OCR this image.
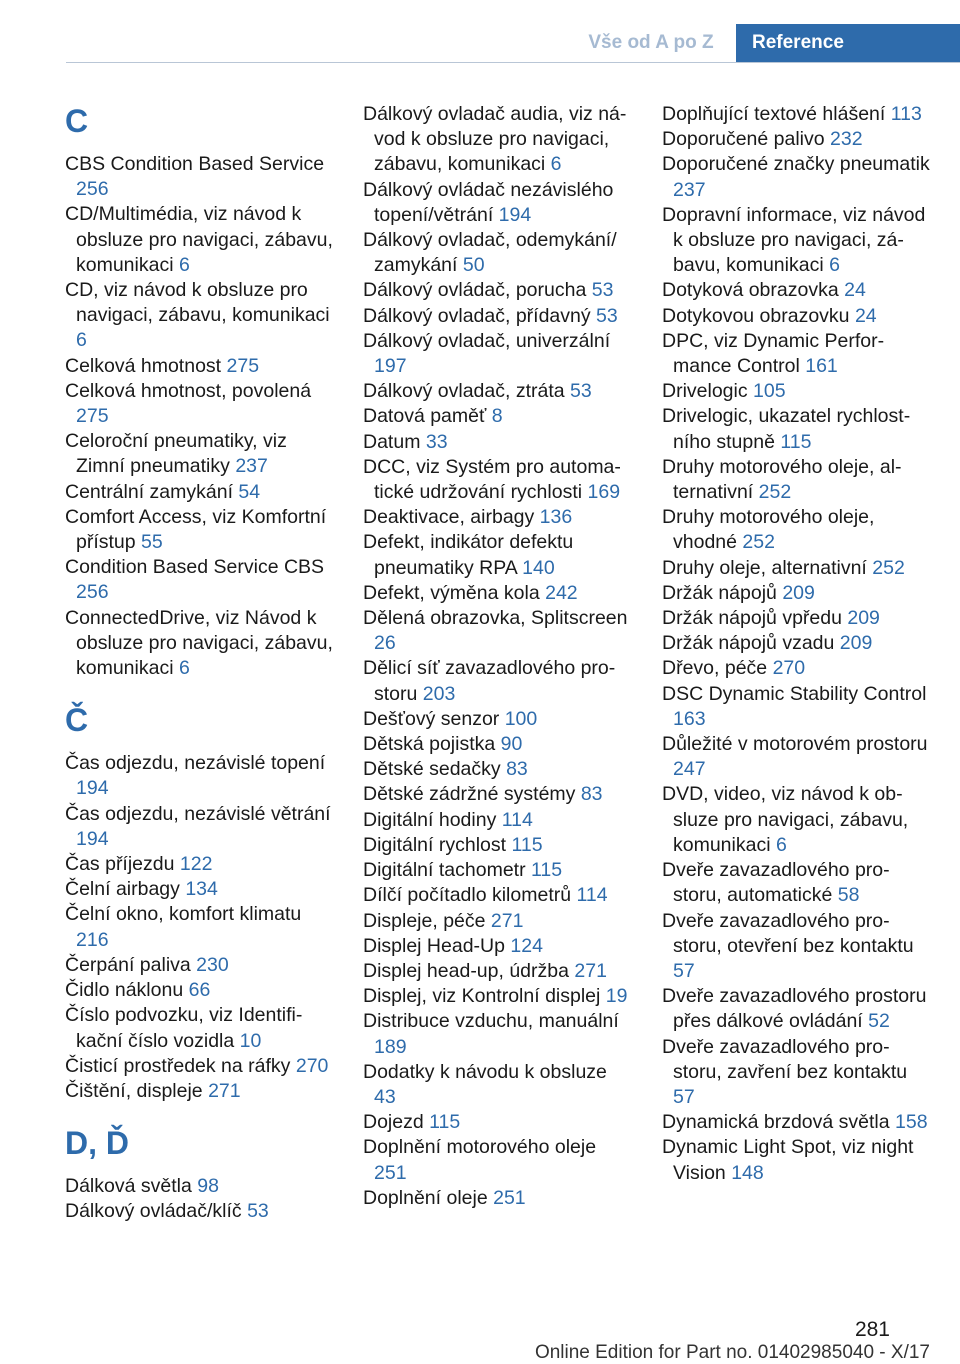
Vše od A po Z	Reference
C
CBS Condition Based Service 256
CD/Multimédia, viz návod k obsluze pro navigaci, zábavu, komunikaci 6
CD, viz návod k obsluze pro navigaci, zábavu, komunikaci 6
Celková hmotnost 275
Celková hmotnost, povolená 275
Celoroční pneumatiky, viz Zimní pneumatiky 237
Centrální zamykání 54
Comfort Access, viz Komfortní přístup 55
Condition Based Service CBS 256
ConnectedDrive, viz Návod k obsluze pro navigaci, zábavu, komunikaci 6
Č
Čas odjezdu, nezávislé topení 194
Čas odjezdu, nezávislé větrání 194
Čas příjezdu 122
Čelní airbagy 134
Čelní okno, komfort klimatu 216
Čerpání paliva 230
Čidlo náklonu 66
Číslo podvozku, viz Identifikační číslo vozidla 10
Čisticí prostředek na ráfky 270
Čištění, displeje 271
D, Ď
Dálková světla 98
Dálkový ovládač/klíč 53
Dálkový ovladač audia, viz návod k obsluze pro navigaci, zábavu, komunikaci 6
Dálkový ovládač nezávislého topení/větrání 194
Dálkový ovladač, odemykání/ zamykání 50
Dálkový ovládač, porucha 53
Dálkový ovladač, přídavný 53
Dálkový ovladač, univerzální 197
Dálkový ovladač, ztráta 53
Datová paměť 8
Datum 33
DCC, viz Systém pro automatické udržování rychlosti 169
Deaktivace, airbagy 136
Defekt, indikátor defektu pneumatiky RPA 140
Defekt, výměna kola 242
Dělená obrazovka, Splitscreen 26
Dělicí síť zavazadlového prostoru 203
Dešťový senzor 100
Dětská pojistka 90
Dětské sedačky 83
Dětské zádržné systémy 83
Digitální hodiny 114
Digitální rychlost 115
Digitální tachometr 115
Dílčí počítadlo kilometrů 114
Displeje, péče 271
Displej Head-Up 124
Displej head-up, údržba 271
Displej, viz Kontrolní displej 19
Distribuce vzduchu, manuální 189
Dodatky k návodu k obsluze 43
Dojezd 115
Doplnění motorového oleje 251
Doplnění oleje 251
Doplňující textové hlášení 113
Doporučené palivo 232
Doporučené značky pneumatik 237
Dopravní informace, viz návod k obsluze pro navigaci, zábavu, komunikaci 6
Dotyková obrazovka 24
Dotykovou obrazovku 24
DPC, viz Dynamic Performance Control 161
Drivelogic 105
Drivelogic, ukazatel rychlostního stupně 115
Druhy motorového oleje, alternativní 252
Druhy motorového oleje, vhodné 252
Druhy oleje, alternativní 252
Držák nápojů 209
Držák nápojů vpředu 209
Držák nápojů vzadu 209
Dřevo, péče 270
DSC Dynamic Stability Control 163
Důležité v motorovém prostoru 247
DVD, video, viz návod k obsluze pro navigaci, zábavu, komunikaci 6
Dveře zavazadlového prostoru, automatické 58
Dveře zavazadlového prostoru, otevření bez kontaktu 57
Dveře zavazadlového prostoru přes dálkové ovládání 52
Dveře zavazadlového prostoru, zavření bez kontaktu 57
Dynamická brzdová světla 158
Dynamic Light Spot, viz night Vision 148
281
Online Edition for Part no. 01402985040 - X/17
